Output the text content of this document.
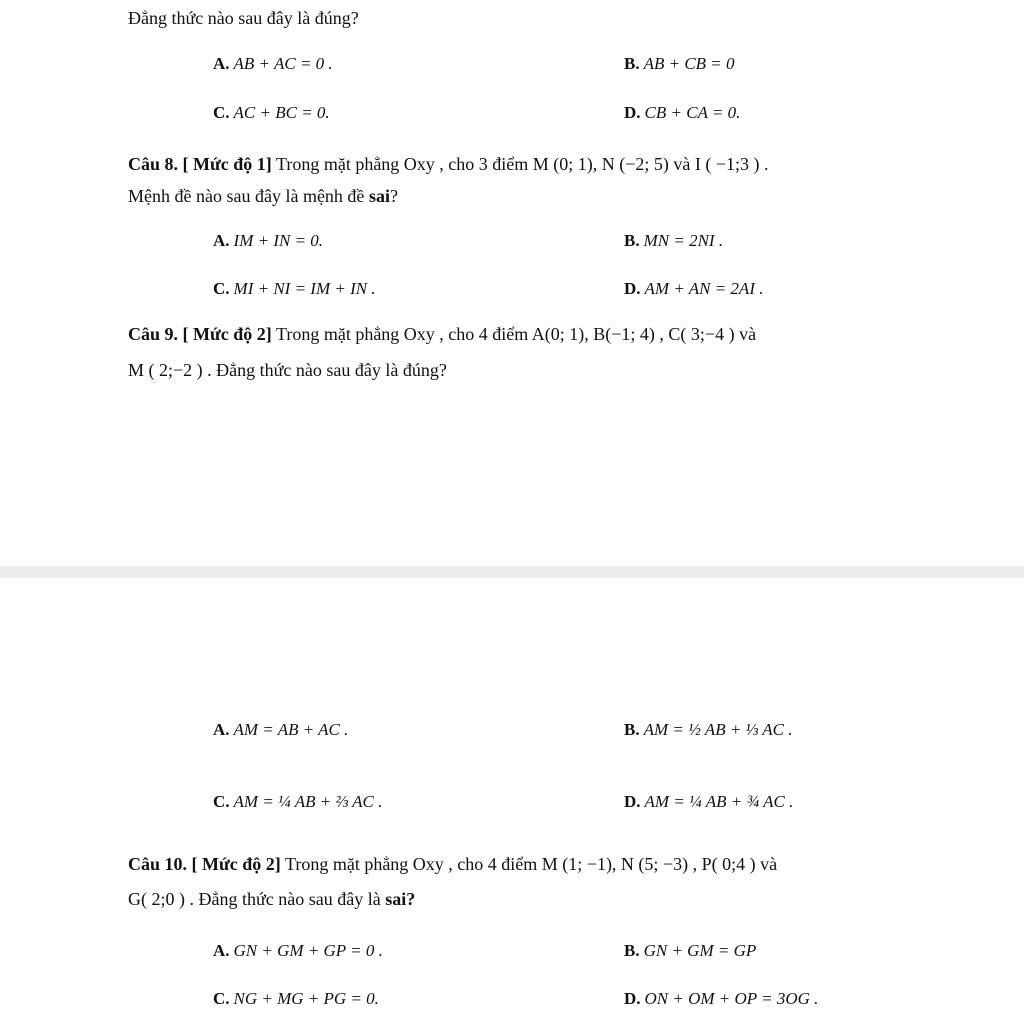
Đẳng thức nào sau đây là đúng?
A. AB + AC = 0 .	B. AB + CB = 0
C. AC + BC = 0.	D. CB + CA = 0.
Câu 8. [ Mức độ 1] Trong mặt phẳng Oxy , cho 3 điểm M (0; 1), N (−2; 5) và I ( −1;3 ) .
Mệnh đề nào sau đây là mệnh đề sai?
A. IM + IN = 0.	B. MN = 2NI .
C. MI + NI = IM + IN .	D. AM + AN = 2AI .
Câu 9. [ Mức độ 2] Trong mặt phẳng Oxy , cho 4 điểm A(0; 1), B(−1; 4) , C( 3;−4 ) và
M ( 2;−2 ) . Đẳng thức nào sau đây là đúng?
A. AM = AB + AC .	B. AM = ½ AB + ⅓ AC .
C. AM = ¼ AB + ⅔ AC .	D. AM = ¼ AB + ¾ AC .
Câu 10. [ Mức độ 2] Trong mặt phẳng Oxy , cho 4 điểm M (1; −1), N (5; −3) , P( 0;4 ) và
G( 2;0 ) . Đẳng thức nào sau đây là sai?
A. GN + GM + GP = 0 .	B. GN + GM = GP
C. NG + MG + PG = 0.	D. ON + OM + OP = 3OG .
